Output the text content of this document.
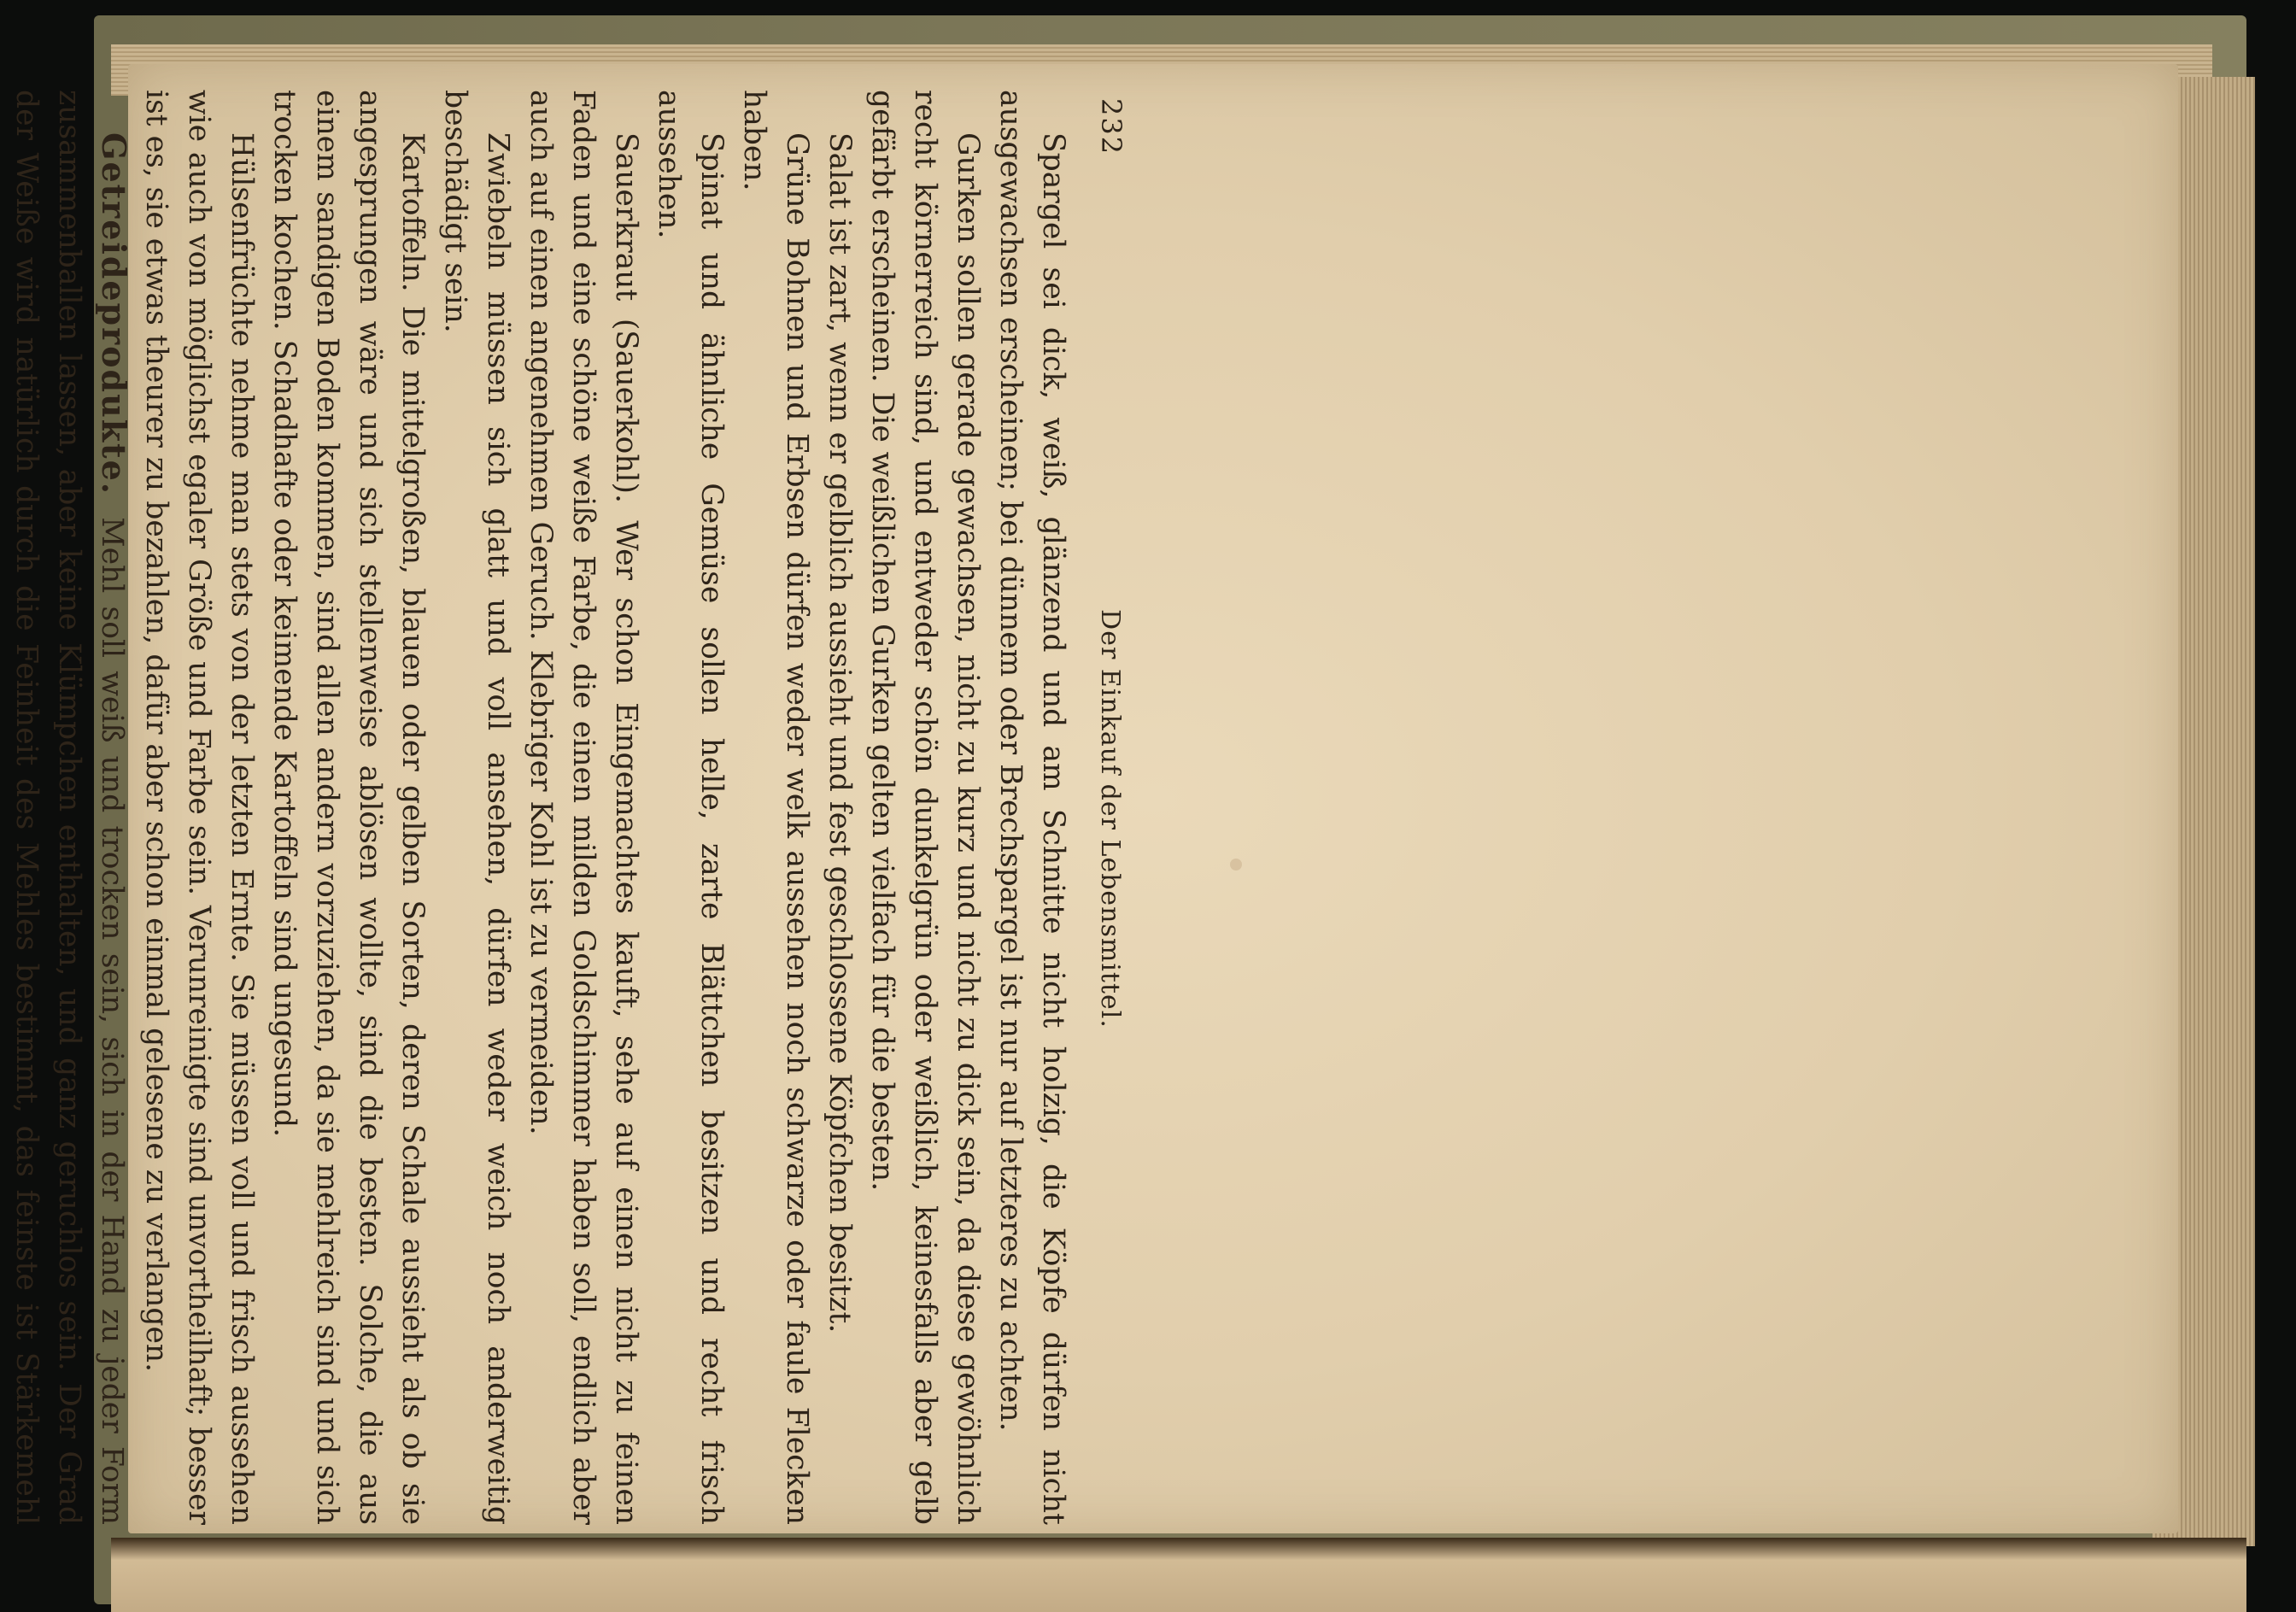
232
Der Einkauf der Lebensmittel.

Spargel sei dick, weiß, glänzend und am Schnitte nicht holzig, die Köpfe dürfen nicht ausgewachsen erscheinen; bei dünnem oder Brechspargel ist nur auf letzteres zu achten.

Gurken sollen gerade gewachsen, nicht zu kurz und nicht zu dick sein, da diese gewöhnlich recht körnerreich sind, und entweder schön dunkelgrün oder weißlich, keinesfalls aber gelb gefärbt erscheinen. Die weißlichen Gurken gelten vielfach für die besten.

Salat ist zart, wenn er gelblich aussieht und fest geschlossene Köpfchen besitzt.

Grüne Bohnen und Erbsen dürfen weder welk aussehen noch schwarze oder faule Flecken haben.

Spinat und ähnliche Gemüse sollen helle, zarte Blättchen besitzen und recht frisch aussehen.

Sauerkraut (Sauerkohl). Wer schon Eingemachtes kauft, sehe auf einen nicht zu feinen Faden und eine schöne weiße Farbe, die einen milden Goldschimmer haben soll, endlich aber auch auf einen angenehmen Geruch. Klebriger Kohl ist zu vermeiden.

Zwiebeln müssen sich glatt und voll ansehen, dürfen weder weich noch anderweitig beschädigt sein.

Kartoffeln. Die mittelgroßen, blauen oder gelben Sorten, deren Schale aussieht als ob sie angesprungen wäre und sich stellenweise ablösen wollte, sind die besten. Solche, die aus einem sandigen Boden kommen, sind allen andern vorzuziehen, da sie mehlreich sind und sich trocken kochen. Schadhafte oder keimende Kartoffeln sind ungesund.

Hülsenfrüchte nehme man stets von der letzten Ernte. Sie müssen voll und frisch aussehen wie auch von möglichst egaler Größe und Farbe sein. Verunreinigte sind unvortheilhaft; besser ist es, sie etwas theurer zu bezahlen, dafür aber schon einmal gelesene zu verlangen.

Getreideprodukte. Mehl soll weiß und trocken sein, sich in der Hand zu jeder Form zusammenballen lassen, aber keine Klümpchen enthalten, und ganz geruchlos sein. Der Grad der Weiße wird natürlich durch die Feinheit des Mehles bestimmt, das feinste ist Stärkemehl
